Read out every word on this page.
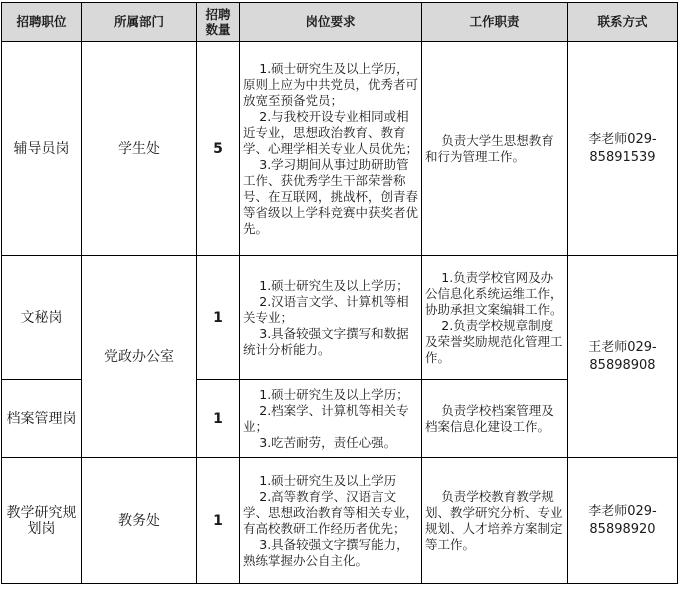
招聘职位	所属部门	招聘数量	岗位要求	工作职责	联系方式
辅导员岗	学生处	5	1.硕士研究生及以上学历，原则上应为中共党员，优秀者可放宽至预备党员；
2.与我校开设专业相同或相近专业，思想政治教育、教育学、心理学相关专业人员优先；
3.学习期间从事过助研助管工作、获优秀学生干部荣誉称号、在互联网，挑战杯，创青春等省级以上学科竞赛中获奖者优先。	负责大学生思想教育和行为管理工作。	李老师029-
85891539

文秘岗	党政办公室	1	1.硕士研究生及以上学历；
2.汉语言文学、计算机等相关专业；
3.具备较强文字撰写和数据统计分析能力。	1.负责学校官网及办公信息化系统运维工作，协助承担文案编辑工作。
2.负责学校规章制度及荣誉奖励规范化管理工作。	王老师029-
85898908

档案管理岗		1	1.硕士研究生及以上学历；
2.档案学、计算机等相关专业；
3.吃苦耐劳，责任心强。	负责学校档案管理及档案信息化建设工作。	

教学研究规划岗	教务处	1	1.硕士研究生及以上学历
2.高等教育学、汉语言文学、思想政治教育等相关专业，有高校教研工作经历者优先；
3.具备较强文字撰写能力，熟练掌握办公自主化。	负责学校教育教学规划、教学研究分析、专业规划、人才培养方案制定等工作。	李老师029-
85898920
